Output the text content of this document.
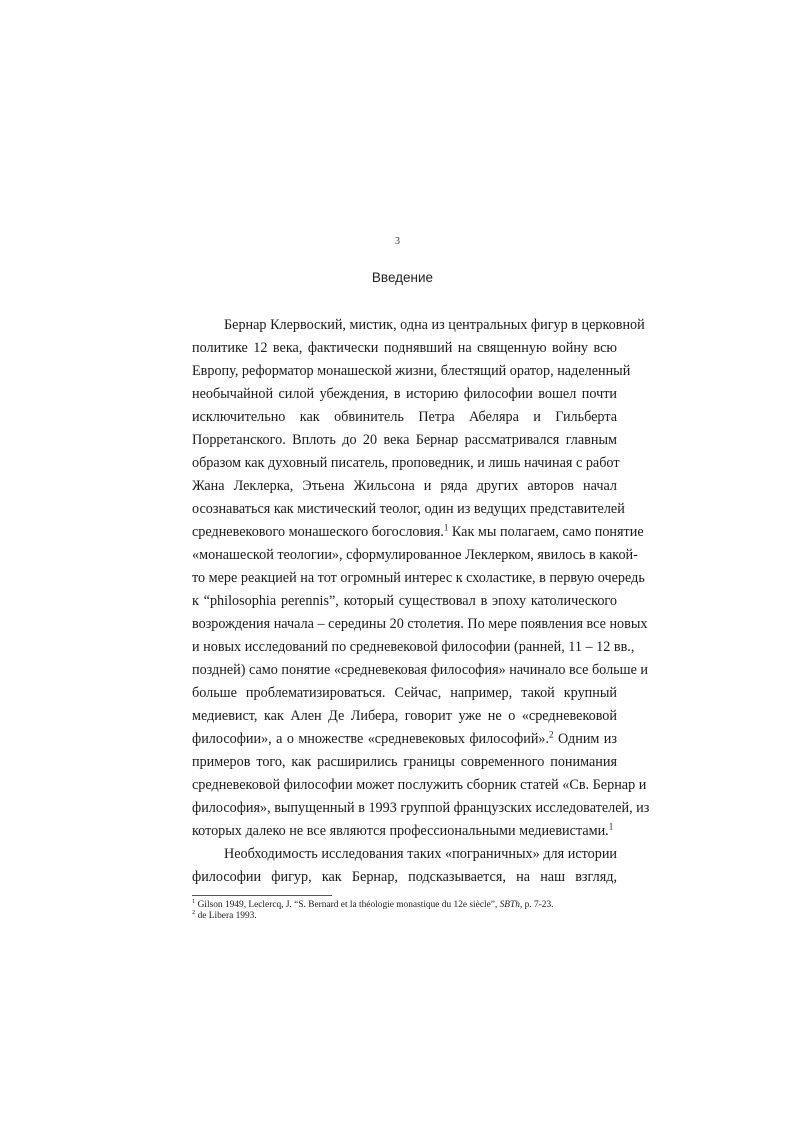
3
Введение
Бернар Клервоский, мистик, одна из центральных фигур в церковной
политике 12 века, фактически поднявший на священную войну всю
Европу, реформатор монашеской жизни, блестящий оратор, наделенный
необычайной силой убеждения, в историю философии вошел почти
исключительно как обвинитель Петра Абеляра и Гильберта
Порретанского. Вплоть до 20 века Бернар рассматривался главным
образом как духовный писатель, проповедник, и лишь начиная с работ
Жана Леклерка, Этьена Жильсона и ряда других авторов начал
осознаваться как мистический теолог, один из ведущих представителей
средневекового монашеского богословия.$^1$ Как мы полагаем, само понятие
«монашеской теологии», сформулированное Леклерком, явилось в какой-
то мере реакцией на тот огромный интерес к схоластике, в первую очередь
к “philosophia perennis”, который существовал в эпоху католического
возрождения начала – середины 20 столетия. По мере появления все новых
и новых исследований по средневековой философии (ранней, 11 – 12 вв.,
поздней) само понятие «средневековая философия» начинало все больше и
больше проблематизироваться. Сейчас, например, такой крупный
медиевист, как Ален Де Либера, говорит уже не о «средневековой
философии», а о множестве «средневековых философий».$^2$ Одним из
примеров того, как расширились границы современного понимания
средневековой философии может послужить сборник статей «Св. Бернар и
философия», выпущенный в 1993 группой французских исследователей, из
которых далеко не все являются профессиональными медиевистами.$^1$
Необходимость исследования таких «пограничных» для истории
философии фигур, как Бернар, подсказывается, на наш взгляд,
$^1$ Gilson 1949, Leclercq, J. “S. Bernard et la théologie monastique du 12e siècle”, SBTh, p. 7-23.
$^2$ de Libera 1993.
